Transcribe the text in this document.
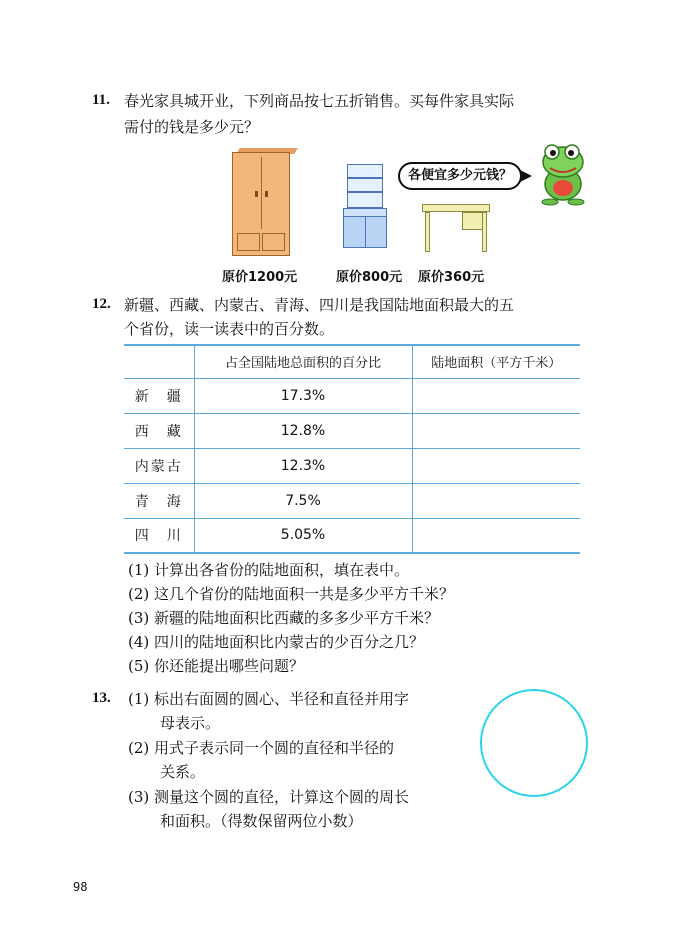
11. 春光家具城开业，下列商品按七五折销售。买每件家具实际
需付的钱是多少元？
各便宜多少元钱？
原价1200元	原价800元 原价360元
12. 新疆、西藏、内蒙古、青海、四川是我国陆地面积最大的五
个省份，读一读表中的百分数。
	占全国陆地总面积的百分比	陆地面积（平方千米）
新　疆	17.3%	
西　藏	12.8%	
内蒙古	12.3%	
青　海	7.5%	
四　川	5.05%	
(1) 计算出各省份的陆地面积，填在表中。
(2) 这几个省份的陆地面积一共是多少平方千米？
(3) 新疆的陆地面积比西藏的多多少平方千米？
(4) 四川的陆地面积比内蒙古的少百分之几？
(5) 你还能提出哪些问题？
13. (1) 标出右面圆的圆心、半径和直径并用字
母表示。
(2) 用式子表示同一个圆的直径和半径的
关系。
(3) 测量这个圆的直径，计算这个圆的周长
和面积。（得数保留两位小数）
98
